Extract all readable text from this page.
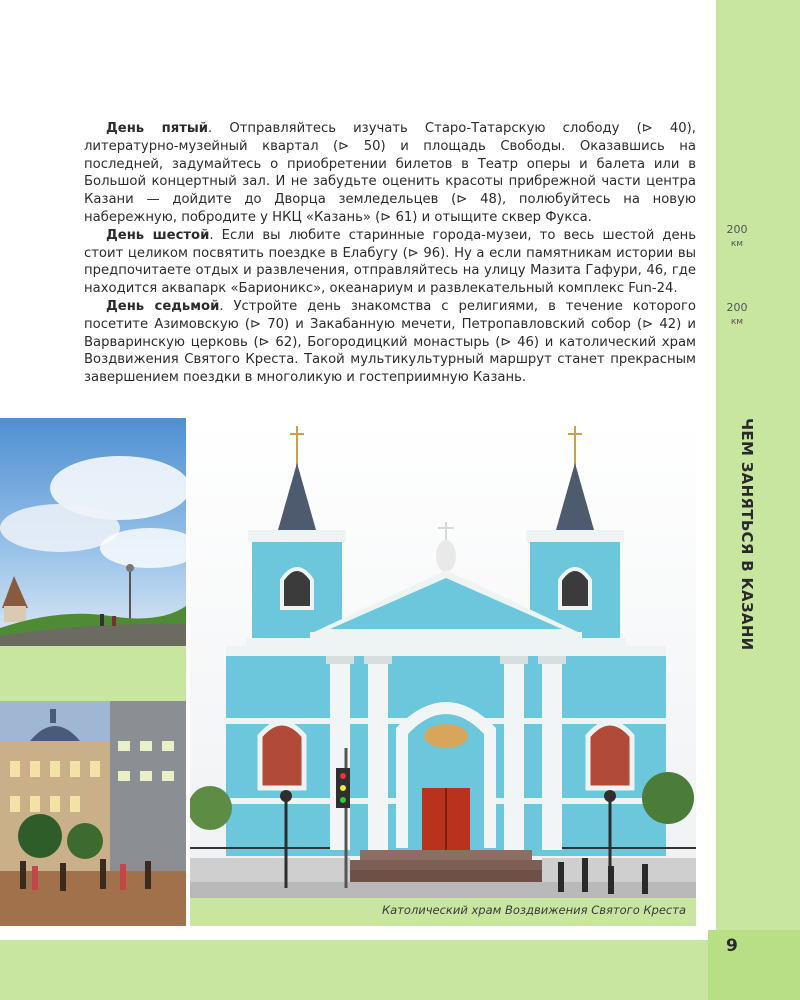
9
200
км
200
км
ЧЕМ ЗАНЯТЬСЯ В КАЗАНИ

День пятый. Отправляйтесь изучать Старо-Татарскую слободу (⊳ 40), литературно-музейный квартал (⊳ 50) и площадь Свободы. Оказавшись на последней, задумайтесь о приобретении билетов в Театр оперы и балета или в Большой концертный зал. И не забудьте оценить красоты прибрежной части центра Казани — дойдите до Дворца земледельцев (⊳ 48), полюбуйтесь на новую набережную, побродите у НКЦ «Казань» (⊳ 61) и отыщите сквер Фукса.

День шестой. Если вы любите старинные города-музеи, то весь шестой день стоит целиком посвятить поездке в Елабугу (⊳ 96). Ну а если памятникам истории вы предпочитаете отдых и развлечения, отправляйтесь на улицу Мазита Гафури, 46, где находится аквапарк «Барионикс», океанариум и развлекательный комплекс Fun-24.

День седьмой. Устройте день знакомства с религиями, в течение которого посетите Азимовскую (⊳ 70) и Закабанную мечети, Петропавловский собор (⊳ 42) и Варваринскую церковь (⊳ 62), Богородицкий монастырь (⊳ 46) и католический храм Воздвижения Святого Креста. Такой мультикультурный маршрут станет прекрасным завершением поездки в многоликую и гостеприимную Казань.

Католический храм Воздвижения Святого Креста
